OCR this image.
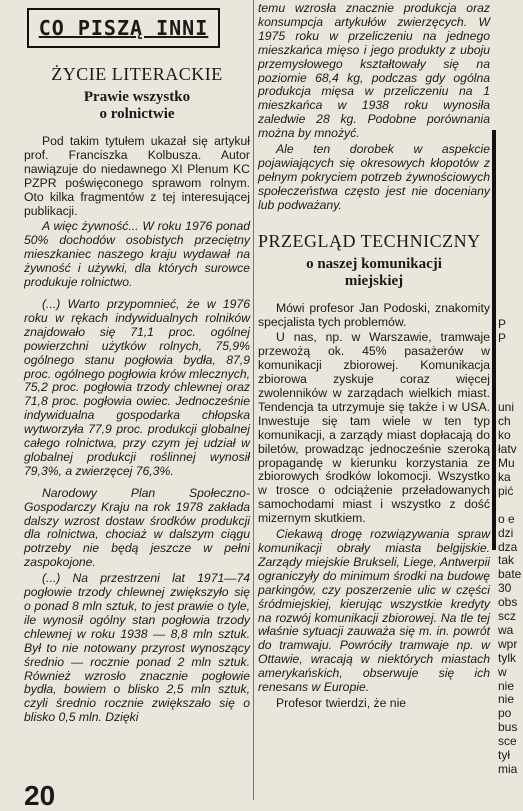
CO PISZĄ INNI

ŻYCIE LITERACKIE

Prawie wszystko

o rolnictwie

Pod takim tytułem ukazał się artykuł prof. Franciszka Kolbusza. Autor nawiązuje do niedawnego XI Plenum KC PZPR poświęconego sprawom rolnym. Oto kilka fragmentów z tej interesującej publikacji.

A więc żywność... W roku 1976 ponad 50% dochodów osobistych przeciętny mieszkaniec naszego kraju wydawał na żywność i używki, dla których surowce produkuje rolnictwo.

(...) Warto przypomnieć, że w 1976 roku w rękach indywidualnych rolników znajdowało się 71,1 proc. ogólnej powierzchni użytków rolnych, 75,9% ogólnego stanu pogłowia bydła, 87,9 proc. ogólnego pogłowia krów mlecznych, 75,2 proc. pogłowia trzody chlewnej oraz 71,8 proc. pogłowia owiec. Jednocześnie indywidualna gospodarka chłopska wytworzyła 77,9 proc. produkcji globalnej całego rolnictwa, przy czym jej udział w globalnej produkcji roślinnej wynosił 79,3%, a zwierzęcej 76,3%.

Narodowy Plan Społeczno-Gospodarczy Kraju na rok 1978 zakłada dalszy wzrost dostaw środków produkcji dla rolnictwa, chociaż w dalszym ciągu potrzeby nie będą jeszcze w pełni zaspokojone.

(...) Na przestrzeni lat 1971—74 pogłowie trzody chlewnej zwiększyło się o ponad 8 mln sztuk, to jest prawie o tyle, ile wynosił ogólny stan pogłowia trzody chlewnej w roku 1938 — 8,8 mln sztuk. Był to nie notowany przyrost wynoszący średnio — rocznie ponad 2 mln sztuk. Również wzrosło znacznie pogłowie bydła, bowiem o blisko 2,5 mln sztuk, czyli średnio rocznie zwiększało się o blisko 0,5 mln. Dzięki

temu wzrosła znacznie produkcja oraz konsumpcja artykułów zwierzęcych. W 1975 roku w przeliczeniu na jednego mieszkańca mięso i jego produkty z uboju przemysłowego kształtowały się na poziomie 68,4 kg, podczas gdy ogólna produkcja mięsa w przeliczeniu na 1 mieszkańca w 1938 roku wynosiła zaledwie 28 kg. Podobne porównania można by mnożyć.

Ale ten dorobek w aspekcie pojawiających się okresowych kłopotów z pełnym pokryciem potrzeb żywnościowych społeczeństwa często jest nie doceniany lub podważany.

PRZEGLĄD TECHNICZNY

o naszej komunikacji

miejskiej

Mówi profesor Jan Podoski, znakomity specjalista tych problemów.

U nas, np. w Warszawie, tramwaje przewożą ok. 45% pasażerów w komunikacji zbiorowej. Komunikacja zbiorowa zyskuje coraz więcej zwolenników w zarządach wielkich miast. Tendencja ta utrzymuje się także i w USA. Inwestuje się tam wiele w ten typ komunikacji, a zarządy miast dopłacają do biletów, prowadząc jednocześnie szeroką propagandę w kierunku korzystania ze zbiorowych środków lokomocji. Wszystko w trosce o odciążenie przeładowanych samochodami miast i wszystko z dość mizernym skutkiem.

Ciekawą drogę rozwiązywania spraw komunikacji obrały miasta belgijskie. Zarządy miejskie Brukseli, Liege, Antwerpii ograniczyły do minimum środki na budowę parkingów, czy poszerzenie ulic w części śródmiejskiej, kierując wszystkie kredyty na rozwój komunikacji zbiorowej. Na tle tej właśnie sytuacji zauważa się m. in. powrót do tramwaju. Powróciły tramwaje np. w Ottawie, wracają w niektórych miastach amerykańskich, obserwuje się ich renesans w Europie.

Profesor twierdzi, że nie

P
P

uni
ch
ko
łatv
Mu
ka
pić

o e
dzi
dza
tak
bate
30
obs
scz
wa
wpr
tylk
w
nie
nie
po
bus
sce
tył
mia
20
